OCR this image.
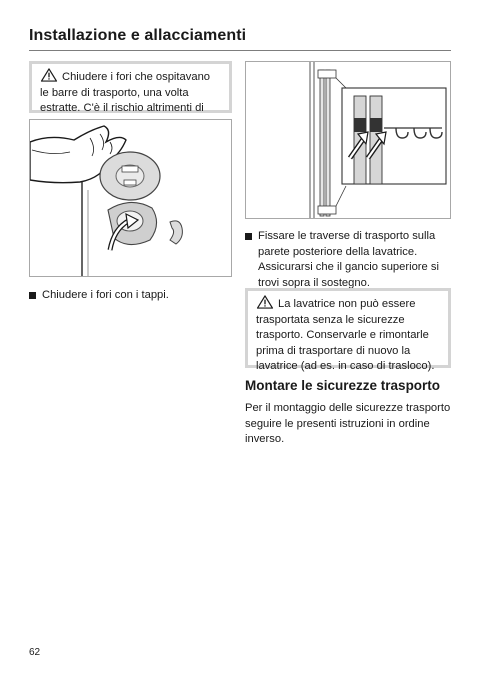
Installazione e allacciamenti
Chiudere i fori che ospitavano le barre di trasporto, una volta estratte. C'è il rischio altrimenti di
Chiudere i fori con i tappi.
Fissare le traverse di trasporto sulla parete posteriore della lavatrice. Assicurarsi che il gancio superiore si trovi sopra il sostegno.
La lavatrice non può essere trasportata senza le sicurezze trasporto. Conservarle e rimontarle prima di trasportare di nuovo la lavatrice (ad es. in caso di trasloco).
Montare le sicurezze trasporto
Per il montaggio delle sicurezze trasporto seguire le presenti istruzioni in ordine inverso.
62
